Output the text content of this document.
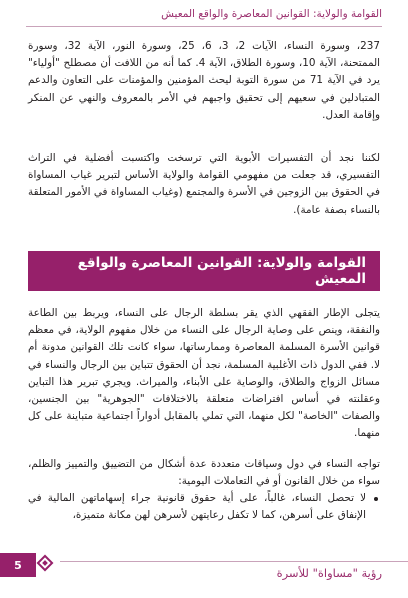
القوامة والولاية: القوانين المعاصرة والواقع المعيش

237، وسورة النساء، الآيات 2، 3، 6، 25، وسورة النور، الآية 32، وسورة الممتحنة، الآية 10، وسورة الطلاق، الآية 4. كما أنه من اللافت أن مصطلح "أولياء" يرد في الآية 71 من سورة التوبة ليحث المؤمنين والمؤمنات على التعاون والدعم المتبادلين في سعيهم إلى تحقيق واجبهم في الأمر بالمعروف والنهي عن المنكر وإقامة العدل.

لكننا نجد أن التفسيرات الأبوية التي ترسخت واكتسبت أفضلية في التراث التفسيري، قد جعلت من مفهومي القوامة والولاية الأساس لتبرير غياب المساواة في الحقوق بين الزوجين في الأسرة والمجتمع (وغياب المساواة في الأمور المتعلقة بالنساء بصفة عامة).

القوامة والولاية: القوانين المعاصرة والواقع المعيش

يتجلى الإطار الفقهي الذي يقر بسلطة الرجال على النساء، ويربط بين الطاعة والنفقة، وينص على وصاية الرجال على النساء من خلال مفهوم الولاية، في معظم قوانين الأسرة المسلمة المعاصرة وممارساتها، سواء كانت تلك القوانين مدونة أم لا. ففي الدول ذات الأغلبية المسلمة، نجد أن الحقوق تتباين بين الرجال والنساء في مسائل الزواج والطلاق، والوصاية على الأبناء، والميراث. ويجري تبرير هذا التباين وعقلنته في أساس افتراضات متعلقة بالاختلافات "الجوهرية" بين الجنسين، والصفات "الخاصة" لكل منهما، التي تملي بالمقابل أدواراً اجتماعية متباينة على كل منهما.

تواجه النساء في دول وسياقات متعددة عدة أشكال من التضييق والتمييز والظلم، سواء من خلال القانون أو في التعاملات اليومية:

لا تحصل النساء، غالباً، على أية حقوق قانونية جراء إسهاماتهن المالية في الإنفاق على أسرهن، كما لا تكفل رعايتهن لأسرهن لهن مكانة متميزة،
5
رؤية "مساواة" للأسرة
